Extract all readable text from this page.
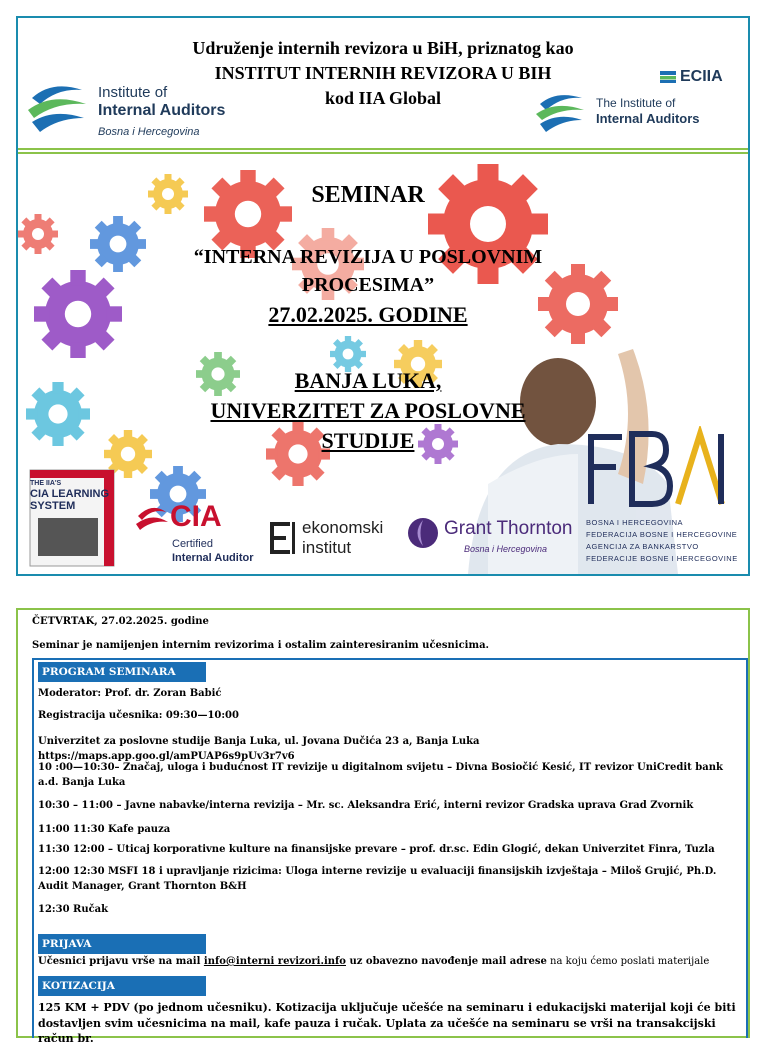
Udruženje internih revizora u BiH, priznatog kao
INSTITUT INTERNIH REVIZORA U BIH
kod IIA Global
Institute of
Internal Auditors
Bosna i Hercegovina
ECIIA
The Institute of
Internal Auditors
SEMINAR
“INTERNA REVIZIJA U POSLOVNIM
PROCESIMA”
27.02.2025. GODINE
BANJA LUKA,
UNIVERZITET ZA POSLOVNE
STUDIJE
THE IIA'S
CIA LEARNING
SYSTEM	CIA
Certified
Internal Auditor
ekonomski
institut
Grant Thornton
Bosna i Hercegovina
BOSNA I HERCEGOVINA
FEDERACIJA BOSNE I HERCEGOVINE
AGENCIJA ZA BANKARSTVO
FEDERACIJE BOSNE I HERCEGOVINE
ČETVRTAK, 27.02.2025. godine
Seminar je namijenjen internim revizorima i ostalim zainteresiranim učesnicima.
PROGRAM SEMINARA
Moderator: Prof. dr. Zoran Babić
Registracija učesnika: 09:30—10:00
Univerzitet za poslovne studije Banja Luka, ul. Jovana Dučića 23 a, Banja Luka https://maps.app.goo.gl/amPUAP6s9pUv3r7v6
10 :00—10:30– Značaj, uloga i budućnost IT revizije u digitalnom svijetu – Divna Bosiočić Kesić, IT revizor UniCredit bank a.d. Banja Luka
10:30 – 11:00 – Javne nabavke/interna revizija – Mr. sc. Aleksandra Erić, interni revizor Gradska uprava Grad Zvornik
11:00 11:30 Kafe pauza
11:30 12:00 – Uticaj korporativne kulture na finansijske prevare – prof. dr.sc. Edin Glogić, dekan Univerzitet Finra, Tuzla
12:00 12:30 MSFI 18 i upravljanje rizicima: Uloga interne revizije u evaluaciji finansijskih izvještaja – Miloš Grujić, Ph.D. Audit Manager, Grant Thornton B&H
12:30 Ručak
PRIJAVA
Učesnici prijavu vrše na mail info@interni revizori.info uz obavezno navođenje mail adrese na koju ćemo poslati materijale
KOTIZACIJA
125 KM + PDV (po jednom učesniku). Kotizacija uključuje učešće na seminaru i edukacijski materijal koji će biti
dostavljen svim učesnicima na mail, kafe pauza i ručak. Uplata za učešće na seminaru se vrši na transakcijski račun br.
